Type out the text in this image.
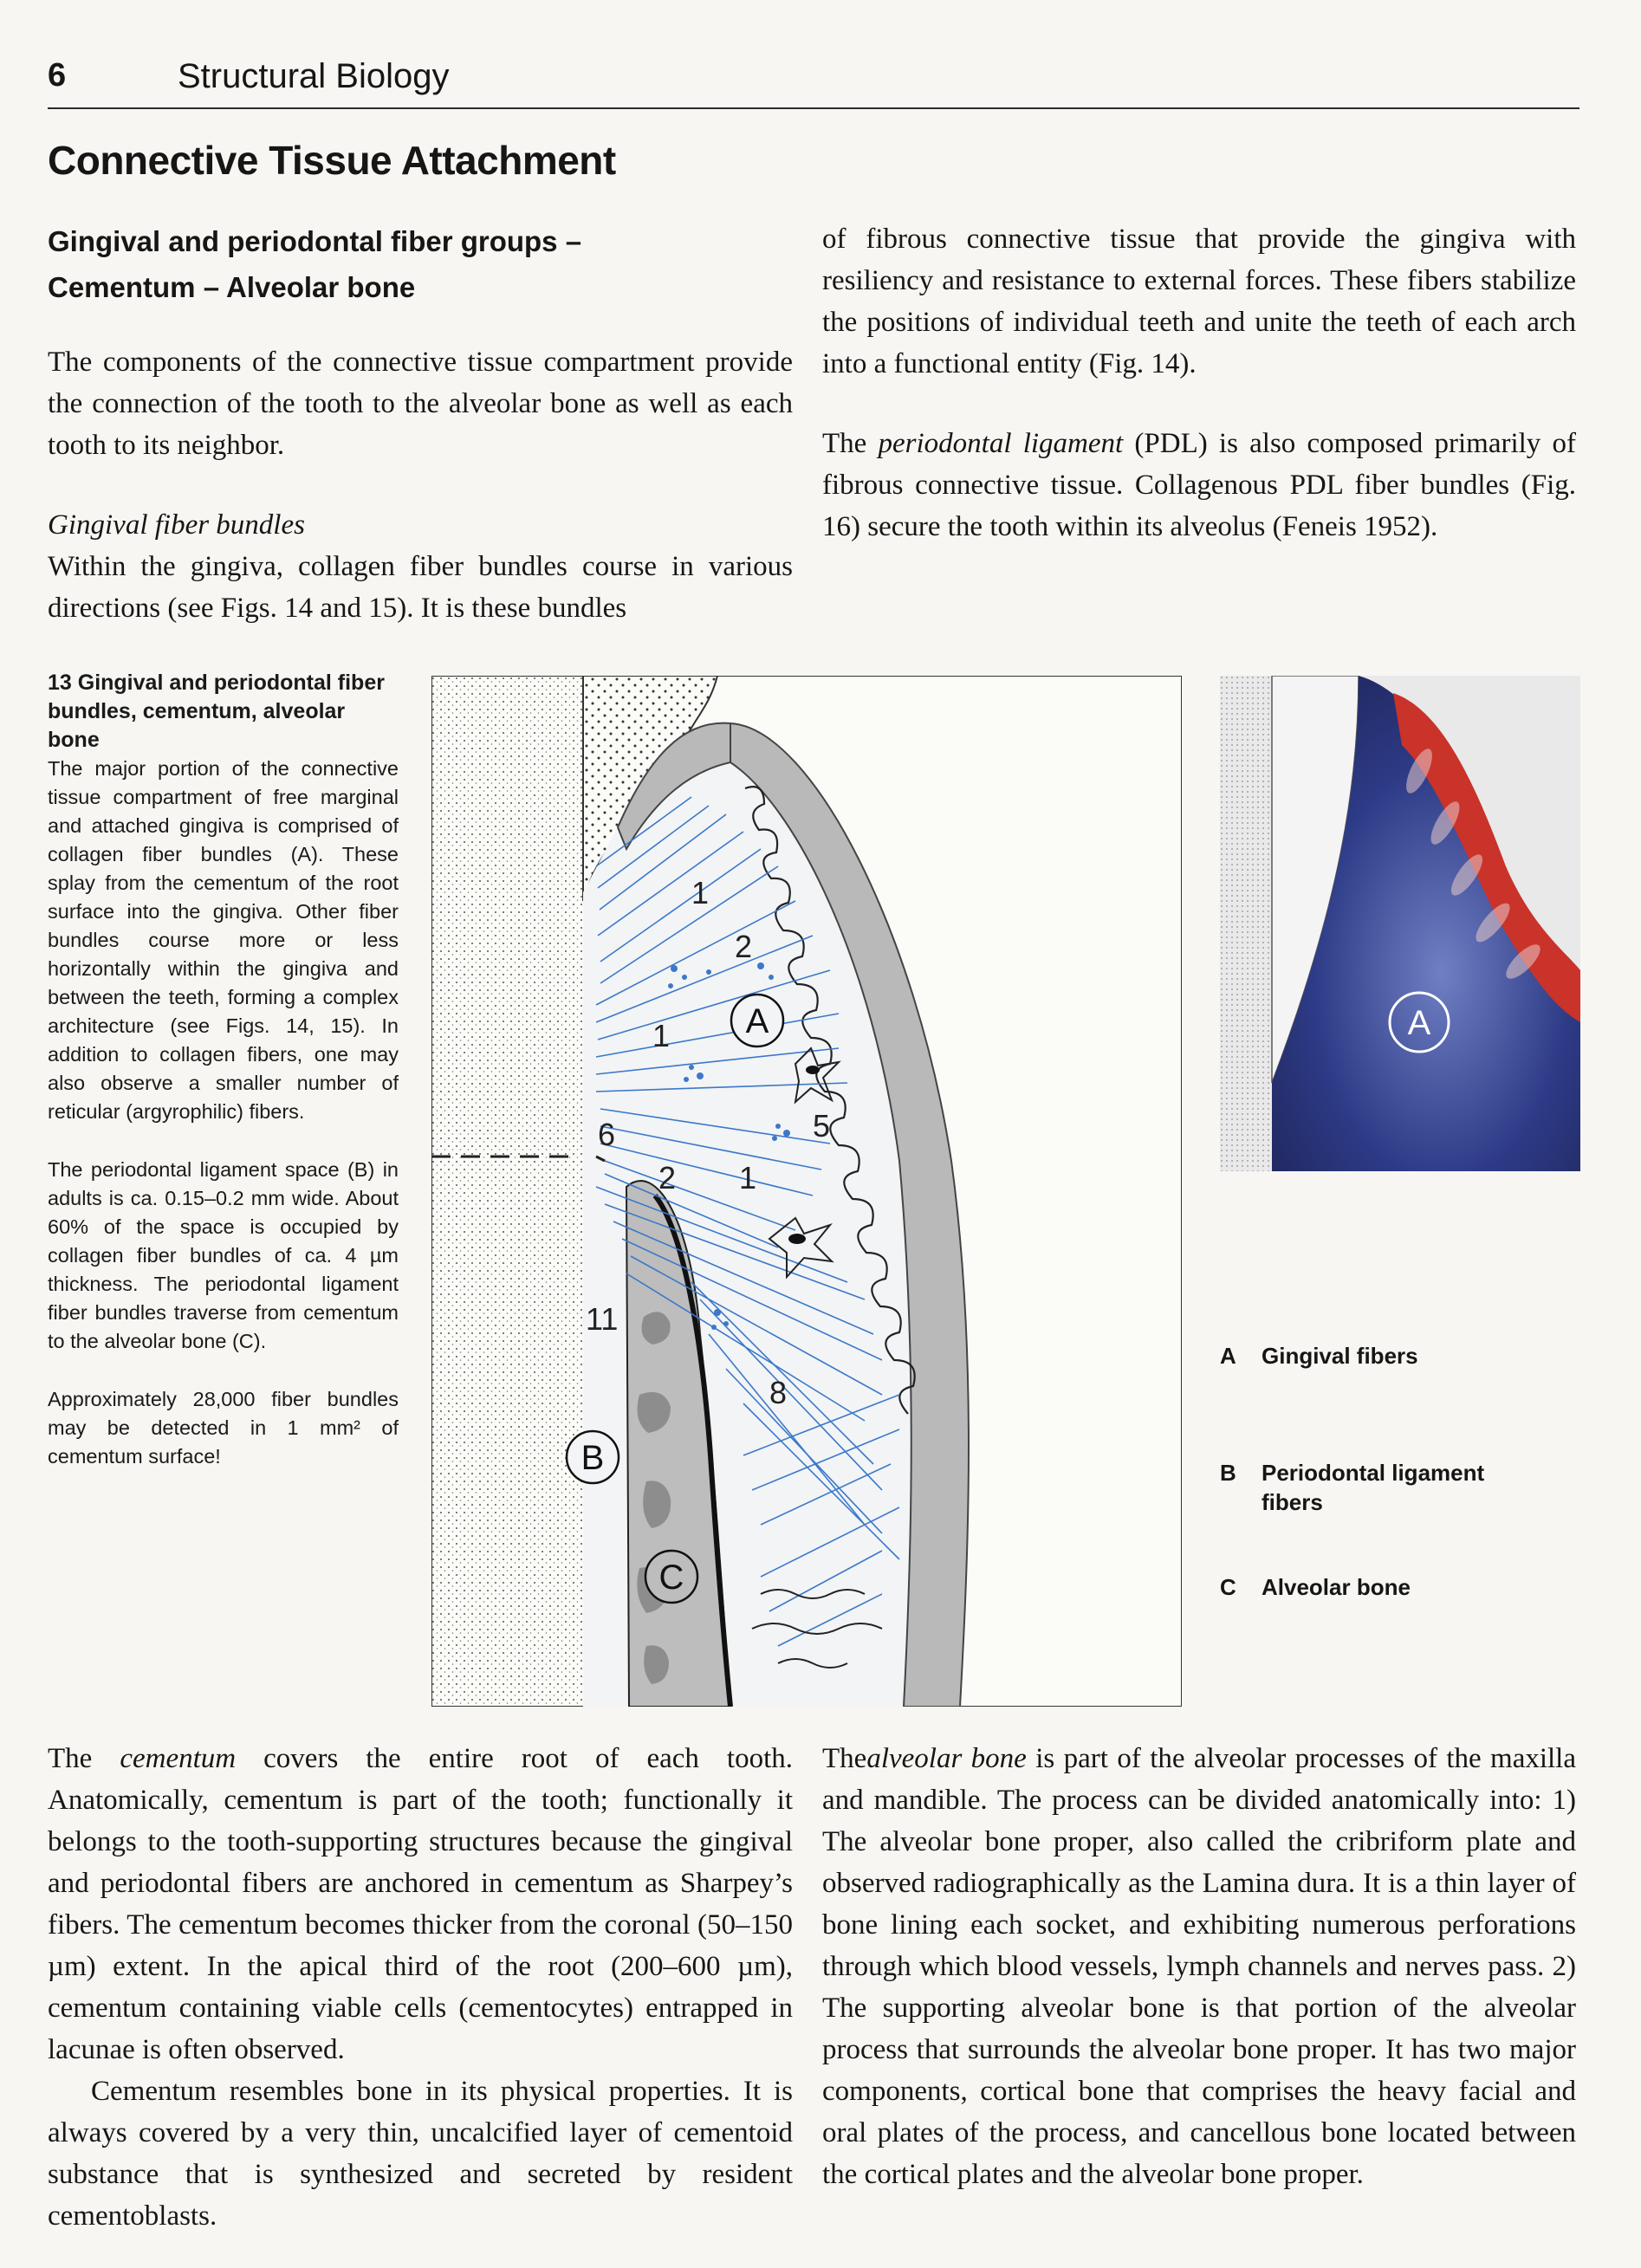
6	Structural Biology
Connective Tissue Attachment
Gingival and periodontal fiber groups –
Cementum – Alveolar bone

The components of the connective tissue compartment provide the connection of the tooth to the alveolar bone as well as each tooth to its neighbor.

Gingival fiber bundles

Within the gingiva, collagen fiber bundles course in various directions (see Figs. 14 and 15). It is these bundles

of fibrous connective tissue that provide the gingiva with resiliency and resistance to external forces. These fibers stabilize the positions of individual teeth and unite the teeth of each arch into a functional entity (Fig. 14).

The periodontal ligament (PDL) is also composed primarily of fibrous connective tissue. Collagenous PDL fiber bundles (Fig. 16) secure the tooth within its alveolus (Feneis 1952).

13 Gingival and periodontal fiber bundles, cementum, alveolar bone

The major portion of the connective tissue compartment of free marginal and attached gingiva is comprised of collagen fiber bundles (A). These splay from the cementum of the root surface into the gingiva. Other fiber bundles course more or less horizontally within the gingiva and between the teeth, forming a complex architecture (see Figs. 14, 15). In addition to collagen fibers, one may also observe a smaller number of reticular (argyrophilic) fibers.

The periodontal ligament space (B) in adults is ca. 0.15–0.2 mm wide. About 60% of the space is occupied by collagen fiber bundles of ca. 4 µm thickness. The periodontal ligament fiber bundles traverse from cementum to the alveolar bone (C).

Approximately 28,000 fiber bundles may be detected in 1 mm² of cementum surface!

1
2
1
6
2 1
5
11
8
A
B
C
A
A	Gingival fibers
B	Periodontal ligament fibers
C	Alveolar bone

The cementum covers the entire root of each tooth. Anatomically, cementum is part of the tooth; functionally it belongs to the tooth-supporting structures because the gingival and periodontal fibers are anchored in cementum as Sharpey’s fibers. The cementum becomes thicker from the coronal (50–150 µm) extent. In the apical third of the root (200–600 µm), cementum containing viable cells (cementocytes) entrapped in lacunae is often observed.

Cementum resembles bone in its physical properties. It is always covered by a very thin, uncalcified layer of cementoid substance that is synthesized and secreted by resident cementoblasts.

Thealveolar bone is part of the alveolar processes of the maxilla and mandible. The process can be divided anatomically into: 1) The alveolar bone proper, also called the cribriform plate and observed radiographically as the Lamina dura. It is a thin layer of bone lining each socket, and exhibiting numerous perforations through which blood vessels, lymph channels and nerves pass. 2) The supporting alveolar bone is that portion of the alveolar process that surrounds the alveolar bone proper. It has two major components, cortical bone that comprises the heavy facial and oral plates of the process, and cancellous bone located between the cortical plates and the alveolar bone proper.
